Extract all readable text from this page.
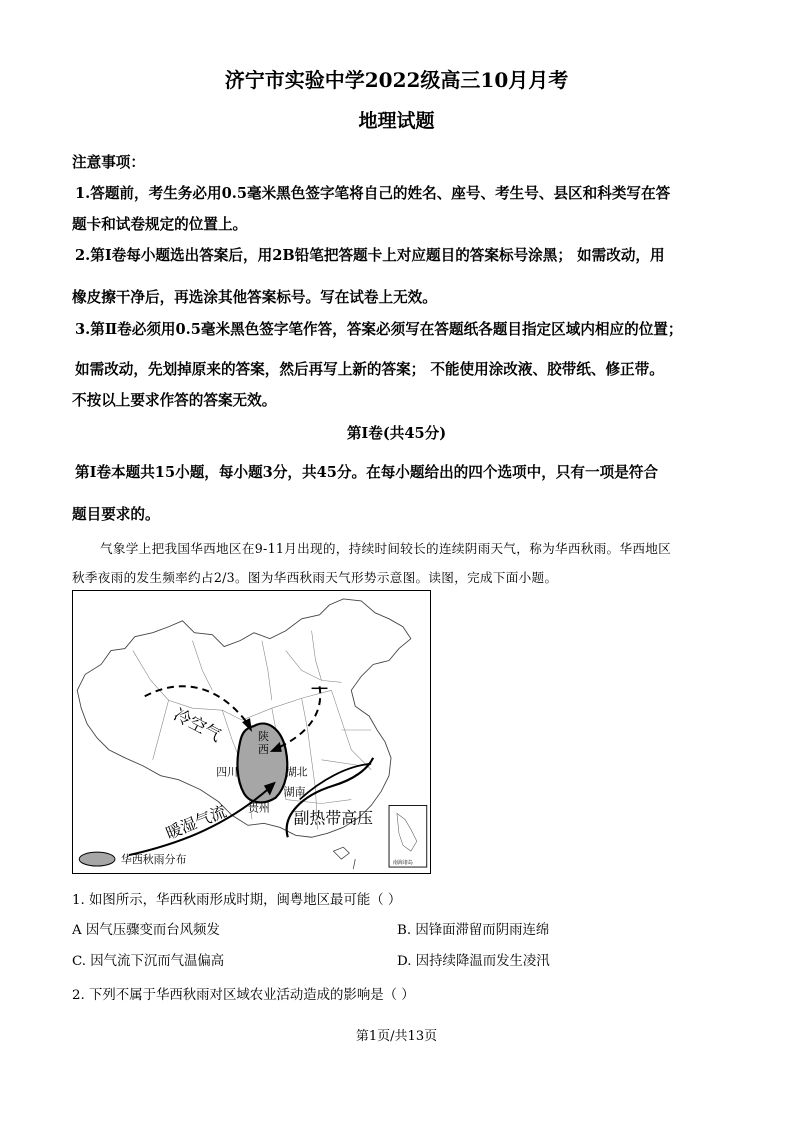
济宁市实验中学2022级高三10月月考
地理试题
注意事项：
1.答题前，考生务必用0.5毫米黑色签字笔将自己的姓名、座号、考生号、县区和科类写在答
题卡和试卷规定的位置上。
2.第Ⅰ卷每小题选出答案后，用2B铅笔把答题卡上对应题目的答案标号涂黑； 如需改动，用
橡皮擦干净后，再选涂其他答案标号。写在试卷上无效。
3.第Ⅱ卷必须用0.5毫米黑色签字笔作答，答案必须写在答题纸各题目指定区域内相应的位置；
如需改动，先划掉原来的答案，然后再写上新的答案； 不能使用涂改液、胶带纸、修正带。
不按以上要求作答的答案无效。
第Ⅰ卷(共45分)
第Ⅰ卷本题共15小题，每小题3分，共45分。在每小题给出的四个选项中，只有一项是符合
题目要求的。
气象学上把我国华西地区在9-11月出现的，持续时间较长的连续阴雨天气，称为华西秋雨。华西地区
秋季夜雨的发生频率约占2/3。图为华西秋雨天气形势示意图。读图，完成下面小题。
南海诸岛
冷空气	陕
西
四川	湖北
湖南
贵州
暖湿气流	副热带高压
华西秋雨分布
1. 如图所示，华西秋雨形成时期，闽粤地区最可能（ ）
A 因气压骤变而台风频发	B. 因锋面滞留而阴雨连绵
C. 因气流下沉而气温偏高	D. 因持续降温而发生凌汛
2. 下列不属于华西秋雨对区域农业活动造成的影响是（ ）
第1页/共13页
